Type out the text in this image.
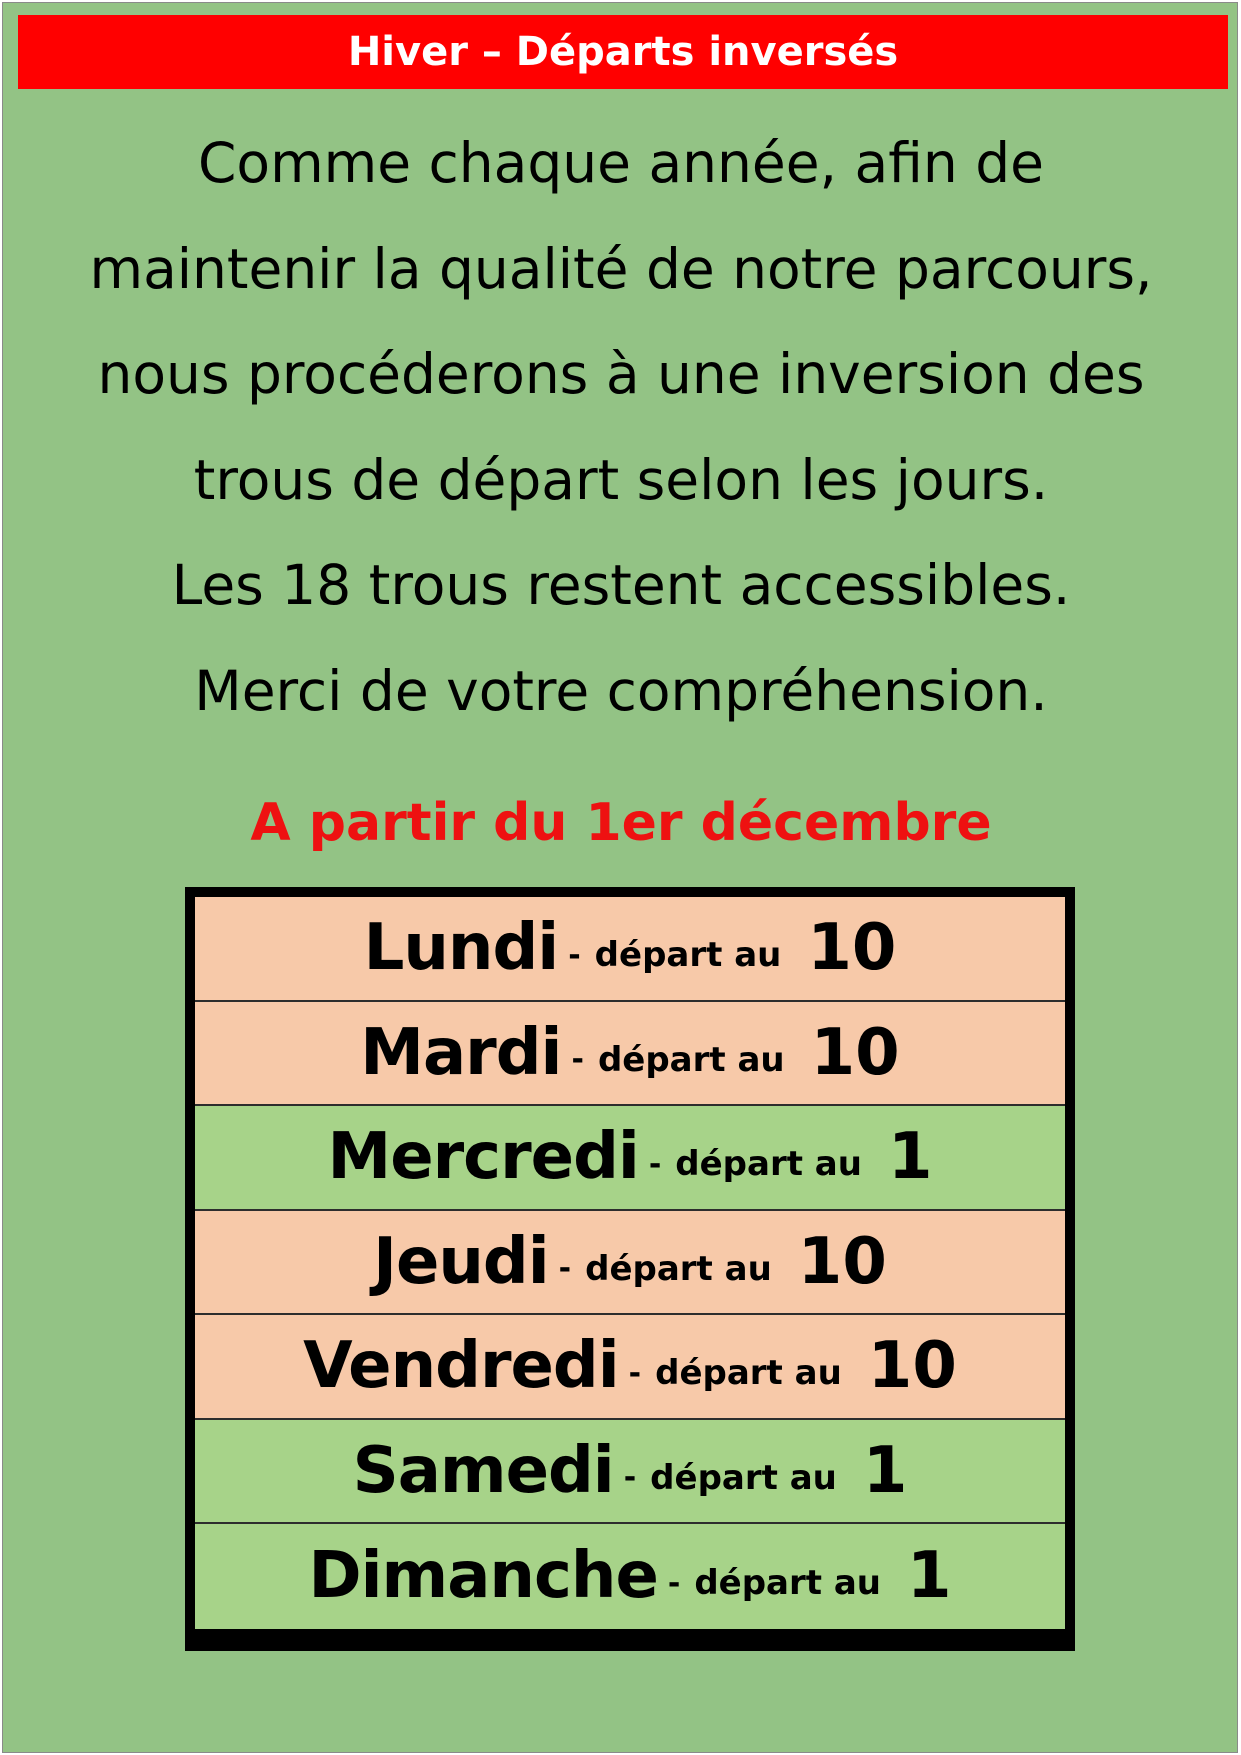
Hiver – Départs inversés
Comme chaque année, afin de
maintenir la qualité de notre parcours,
nous procéderons à une inversion des
trous de départ selon les jours.
Les 18 trous restent accessibles.
Merci de votre compréhension.
A partir du 1er décembre
Lundi - départ au 10
Mardi - départ au 10
Mercredi - départ au 1
Jeudi - départ au 10
Vendredi - départ au 10
Samedi - départ au 1
Dimanche - départ au 1
